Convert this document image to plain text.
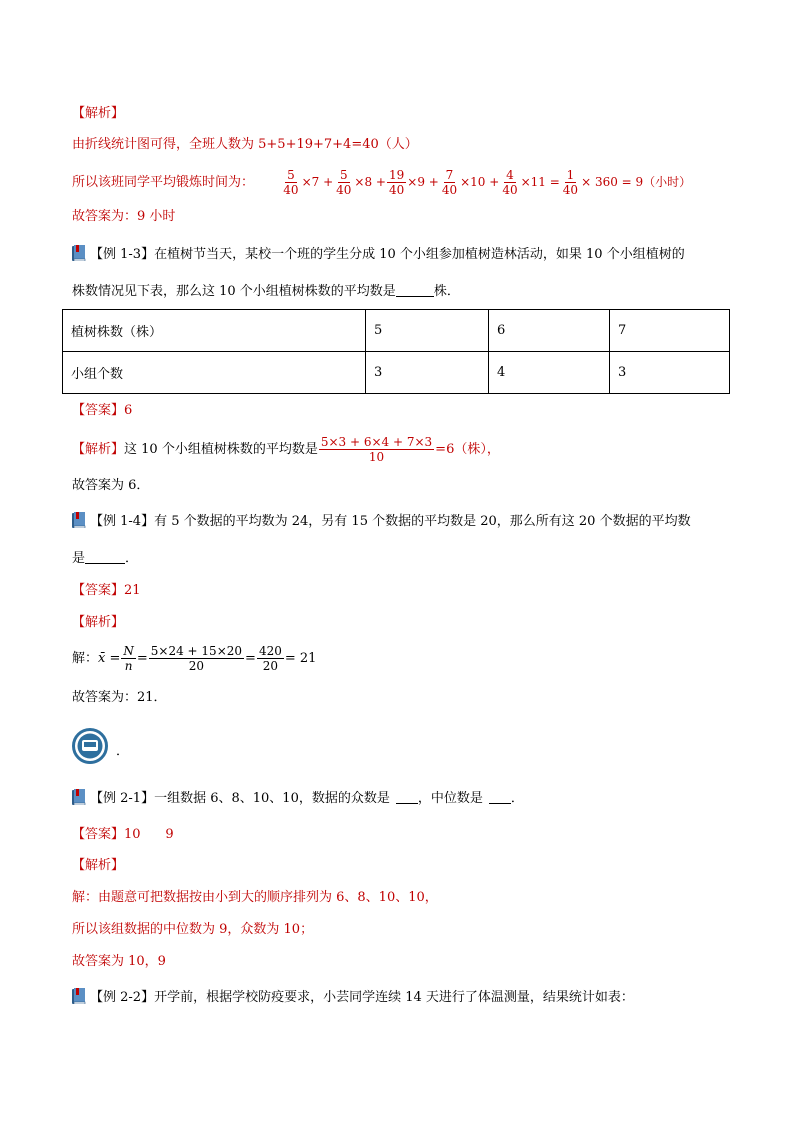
【解析】
由折线统计图可得，全班人数为 5+5+19+7+4=40（人）
所以该班同学平均锻炼时间为： $\frac{5}{40} \times 7 + \frac{5}{40} \times 8 + \frac{19}{40} \times 9 + \frac{7}{40} \times 10 + \frac{4}{40} \times 11 = \frac{1}{40} \times 360 = 9$（小时）
故答案为：9 小时
【例 1-3】在植树节当天，某校一个班的学生分成 10 个小组参加植树造林活动，如果 10 个小组植树的
株数情况见下表，那么这 10 个小组植树株数的平均数是	株．
植树株数（株）	5	6	7
小组个数	3	4	3
【答案】6
【解析】这 10 个小组植树株数的平均数是 $\frac{5\times 3 + 6\times 4 + 7\times 3}{10} =6$（株），
故答案为 6．
【例 1-4】有 5 个数据的平均数为 24，另有 15 个数据的平均数是 20，那么所有这 20 个数据的平均数
是	．
【答案】21
【解析】
解：x̄ = $\frac{N}{n} = \frac{5\times 24 + 15\times 20}{20} = \frac{420}{20} = 21$
故答案为：21．
．
【例 2-1】一组数据 6、8、10、10，数据的众数是 ，中位数是 ．
【答案】10      9
【解析】
解：由题意可把数据按由小到大的顺序排列为 6、8、10、10，
所以该组数据的中位数为 9，众数为 10；
故答案为 10，9
【例 2-2】开学前，根据学校防疫要求，小芸同学连续 14 天进行了体温测量，结果统计如表：
